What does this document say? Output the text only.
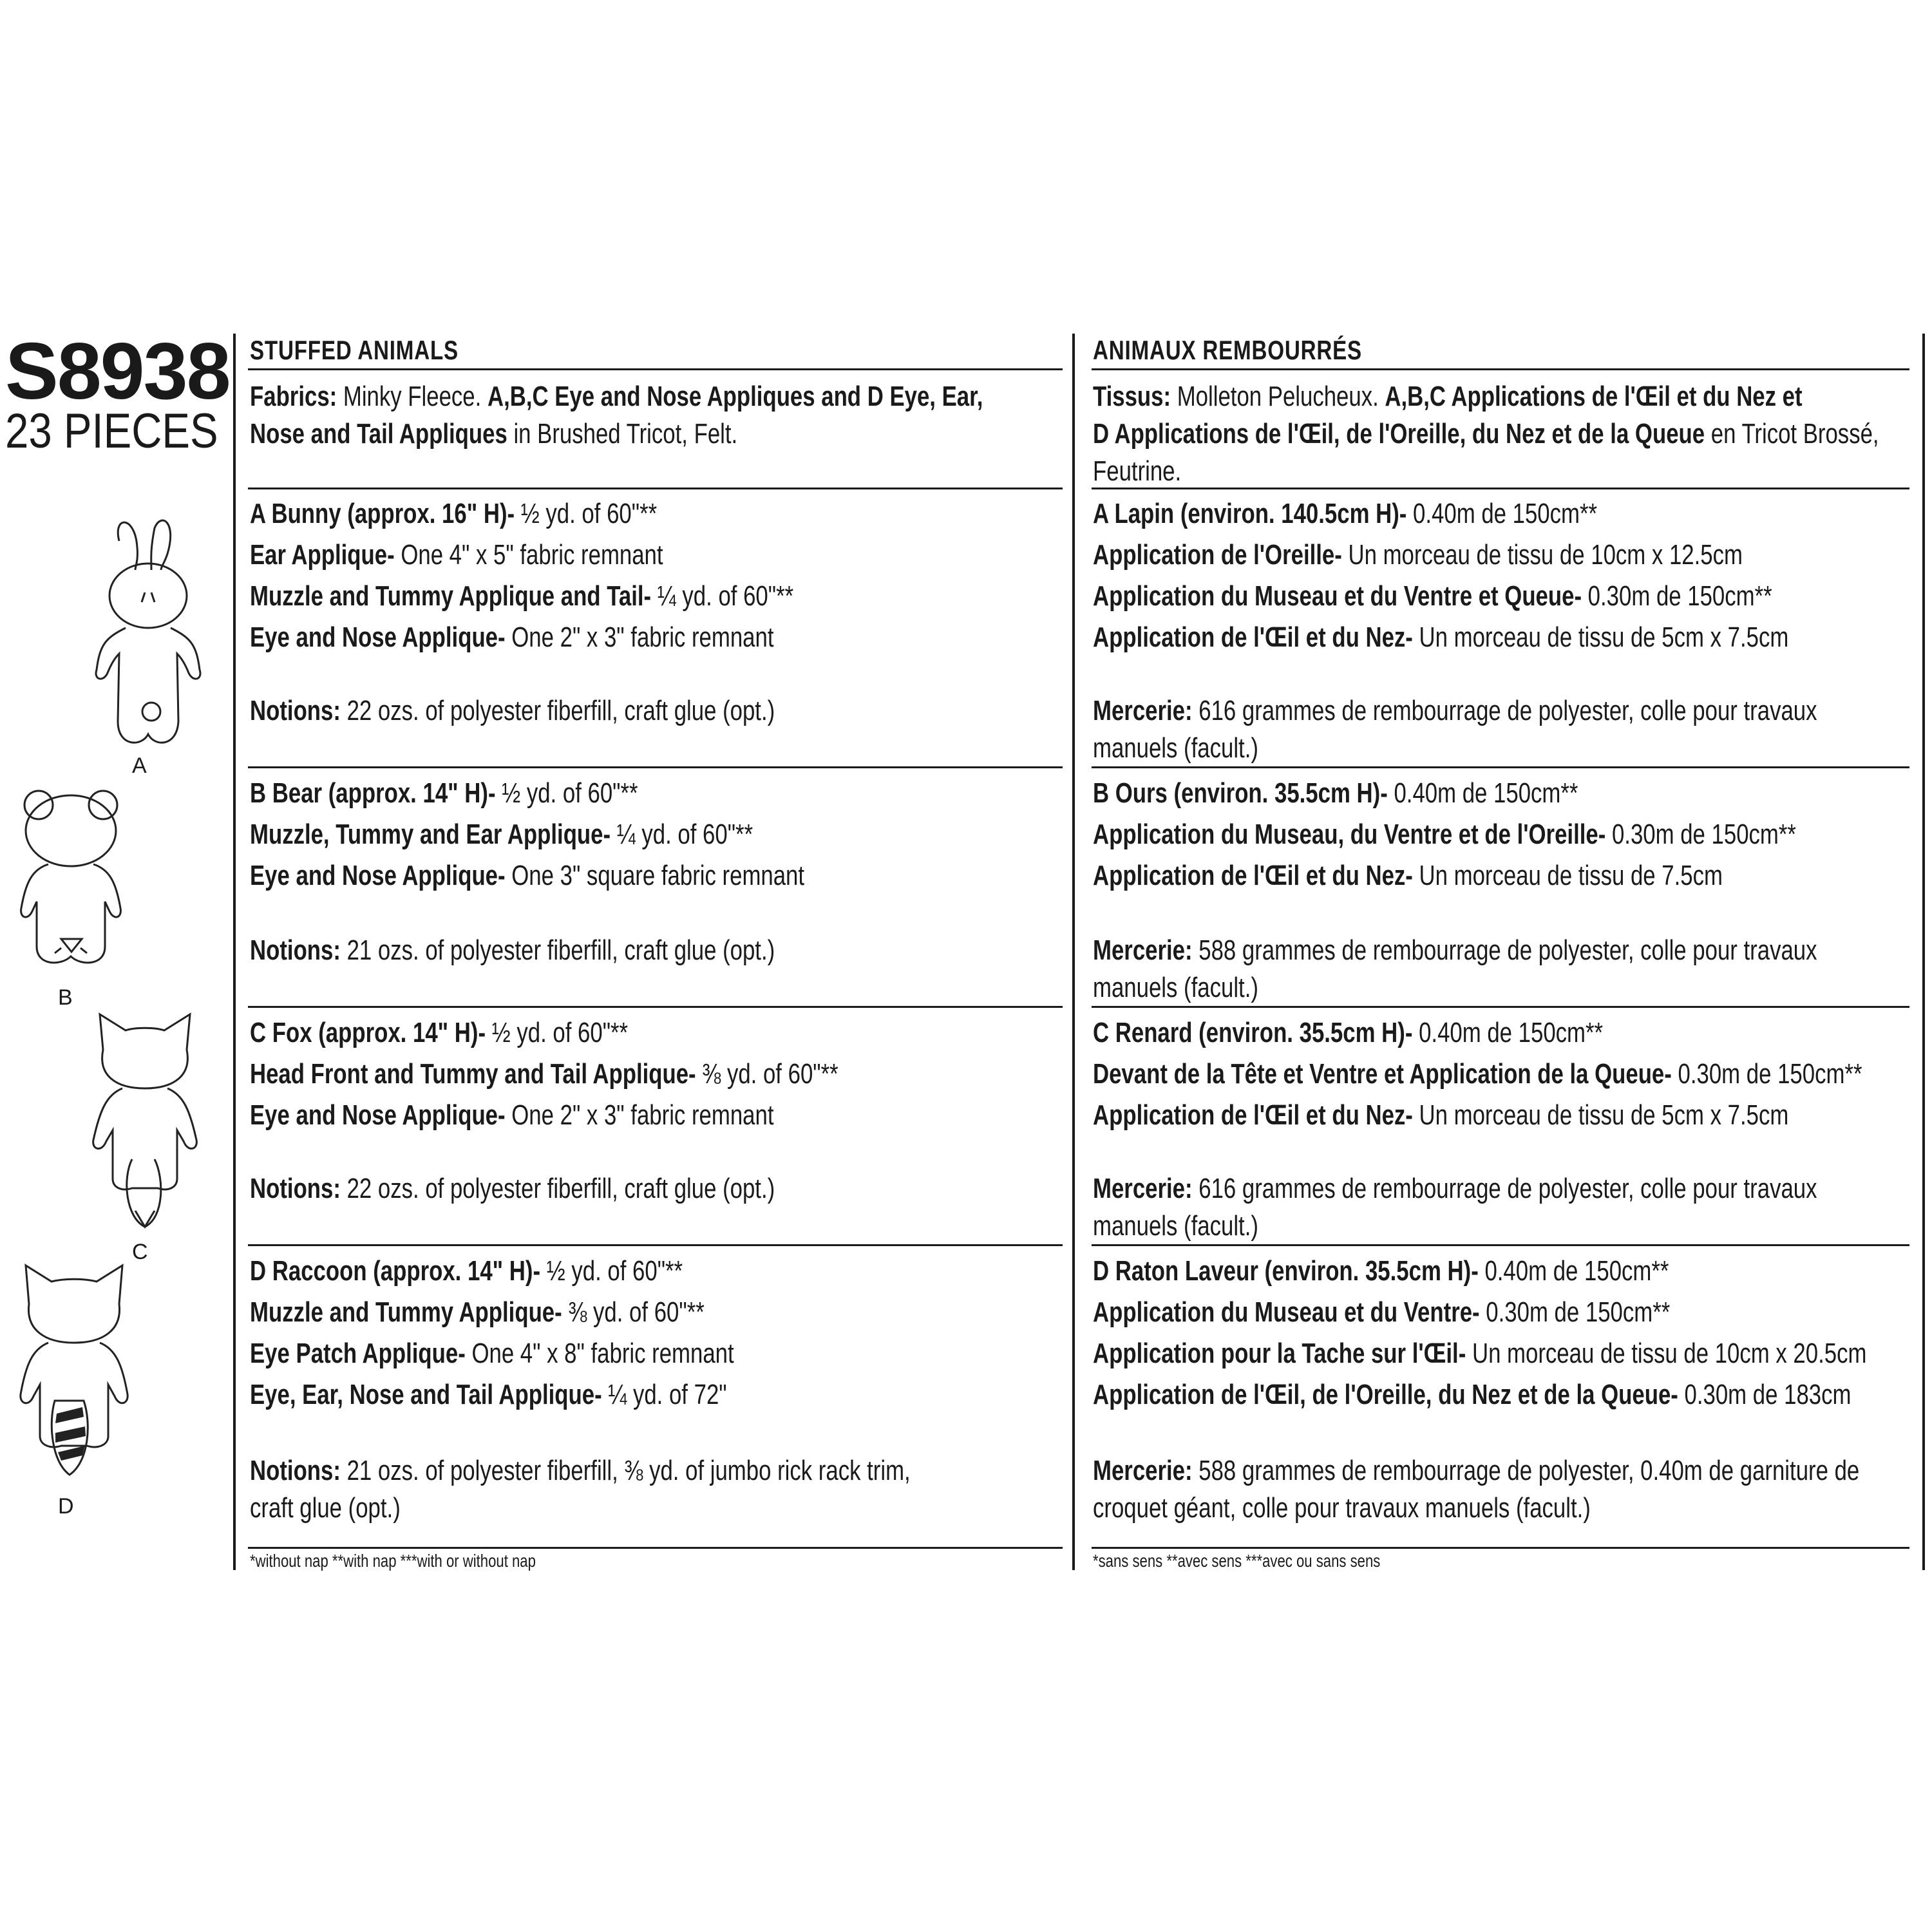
S8938
23 PIECES
A
B
C
D
STUFFED ANIMALS
Fabrics: Minky Fleece. A,B,C Eye and Nose Appliques and D Eye, Ear,
Nose and Tail Appliques in Brushed Tricot, Felt.
A Bunny (approx. 16" H)- ½ yd. of 60"**
Ear Applique- One 4" x 5" fabric remnant
Muzzle and Tummy Applique and Tail- ¼ yd. of 60"**
Eye and Nose Applique- One 2" x 3" fabric remnant
Notions: 22 ozs. of polyester fiberfill, craft glue (opt.)
B Bear (approx. 14" H)- ½ yd. of 60"**
Muzzle, Tummy and Ear Applique- ¼ yd. of 60"**
Eye and Nose Applique- One 3" square fabric remnant
Notions: 21 ozs. of polyester fiberfill, craft glue (opt.)
C Fox (approx. 14" H)- ½ yd. of 60"**
Head Front and Tummy and Tail Applique- ⅜ yd. of 60"**
Eye and Nose Applique- One 2" x 3" fabric remnant
Notions: 22 ozs. of polyester fiberfill, craft glue (opt.)
D Raccoon (approx. 14" H)- ½ yd. of 60"**
Muzzle and Tummy Applique- ⅜ yd. of 60"**
Eye Patch Applique- One 4" x 8" fabric remnant
Eye, Ear, Nose and Tail Applique- ¼ yd. of 72"
Notions: 21 ozs. of polyester fiberfill, ⅜ yd. of jumbo rick rack trim,
craft glue (opt.)
*without nap **with nap ***with or without nap
ANIMAUX REMBOURRÉS
Tissus: Molleton Pelucheux. A,B,C Applications de l'Œil et du Nez et
D Applications de l'Œil, de l'Oreille, du Nez et de la Queue en Tricot Brossé,
Feutrine.
A Lapin (environ. 140.5cm H)- 0.40m de 150cm**
Application de l'Oreille- Un morceau de tissu de 10cm x 12.5cm
Application du Museau et du Ventre et Queue- 0.30m de 150cm**
Application de l'Œil et du Nez- Un morceau de tissu de 5cm x 7.5cm
Mercerie: 616 grammes de rembourrage de polyester, colle pour travaux
manuels (facult.)
B Ours (environ. 35.5cm H)- 0.40m de 150cm**
Application du Museau, du Ventre et de l'Oreille- 0.30m de 150cm**
Application de l'Œil et du Nez- Un morceau de tissu de 7.5cm
Mercerie: 588 grammes de rembourrage de polyester, colle pour travaux
manuels (facult.)
C Renard (environ. 35.5cm H)- 0.40m de 150cm**
Devant de la Tête et Ventre et Application de la Queue- 0.30m de 150cm**
Application de l'Œil et du Nez- Un morceau de tissu de 5cm x 7.5cm
Mercerie: 616 grammes de rembourrage de polyester, colle pour travaux
manuels (facult.)
D Raton Laveur (environ. 35.5cm H)- 0.40m de 150cm**
Application du Museau et du Ventre- 0.30m de 150cm**
Application pour la Tache sur l'Œil- Un morceau de tissu de 10cm x 20.5cm
Application de l'Œil, de l'Oreille, du Nez et de la Queue- 0.30m de 183cm
Mercerie: 588 grammes de rembourrage de polyester, 0.40m de garniture de
croquet géant, colle pour travaux manuels (facult.)
*sans sens **avec sens ***avec ou sans sens
